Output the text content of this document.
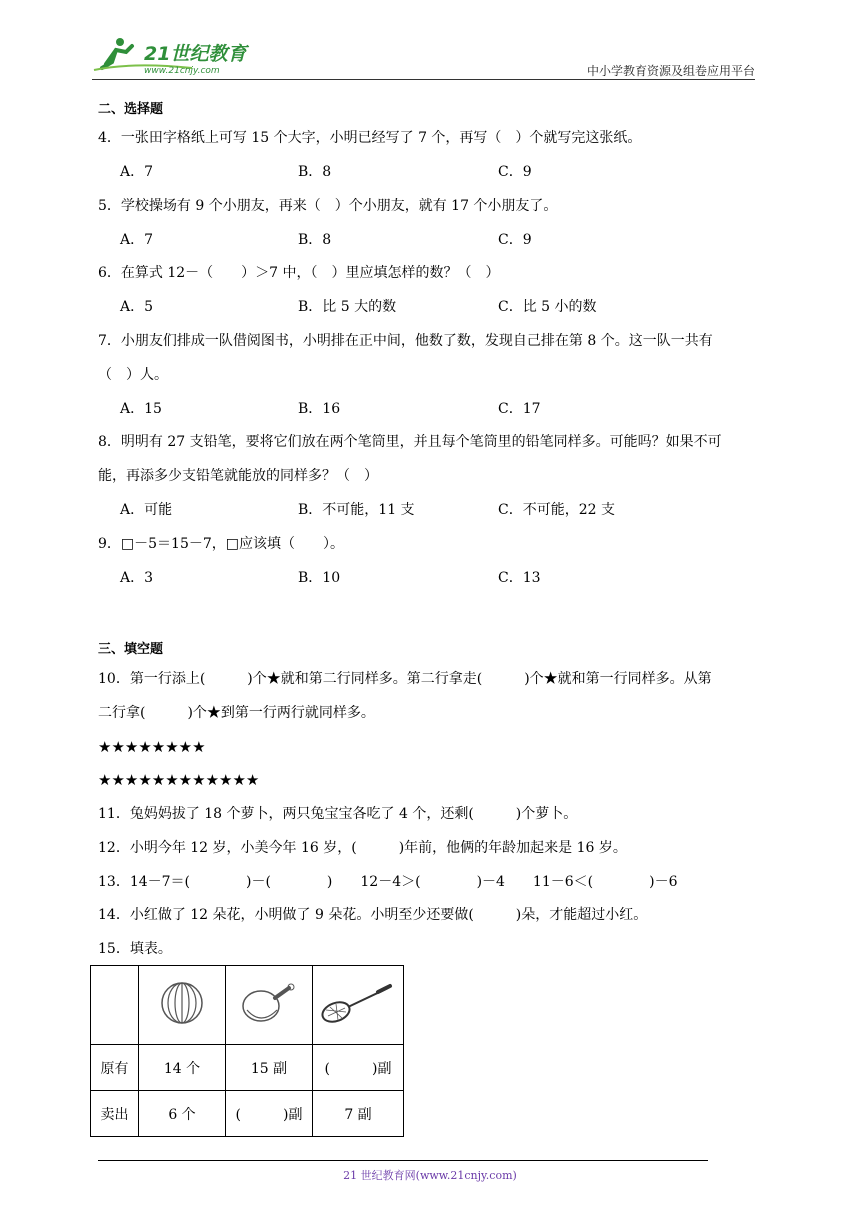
21世纪教育
www.21cnjy.com	中小学教育资源及组卷应用平台
二、选择题
4．一张田字格纸上可写 15 个大字，小明已经写了 7 个，再写（　）个就写完这张纸。
A．7	B．8	C．9
5．学校操场有 9 个小朋友，再来（　）个小朋友，就有 17 个小朋友了。
A．7	B．8	C．9
6．在算式 12－（　　）＞7 中，（　）里应填怎样的数？（　）
A．5	B．比 5 大的数	C．比 5 小的数
7．小朋友们排成一队借阅图书，小明排在正中间，他数了数，发现自己排在第 8 个。这一队一共有
（　）人。
A．15	B．16	C．17
8．明明有 27 支铅笔，要将它们放在两个笔筒里，并且每个笔筒里的铅笔同样多。可能吗？如果不可
能，再添多少支铅笔就能放的同样多？（　）
A．可能	B．不可能，11 支	C．不可能，22 支
9．□－5＝15－7，□应该填（　　）。
A．3	B．10	C．13
三、填空题
10．第一行添上(　　　)个★就和第二行同样多。第二行拿走(　　　)个★就和第一行同样多。从第
二行拿(　　　)个★到第一行两行就同样多。
★★★★★★★★
★★★★★★★★★★★★
11．兔妈妈拔了 18 个萝卜，两只兔宝宝各吃了 4 个，还剩(　　　)个萝卜。
12．小明今年 12 岁，小美今年 16 岁，(　　　)年前，他俩的年龄加起来是 16 岁。
13．14－7＝(　　　　)－(　　　　)　　12－4＞(　　　　)－4　　11－6＜(　　　　)－6
14．小红做了 12 朵花，小明做了 9 朵花。小明至少还要做(　　　)朵，才能超过小红。
15．填表。

原有	14 个	15 副	(　　　)副
卖出	6 个	(　　　)副	7 副
21 世纪教育网(www.21cnjy.com)
